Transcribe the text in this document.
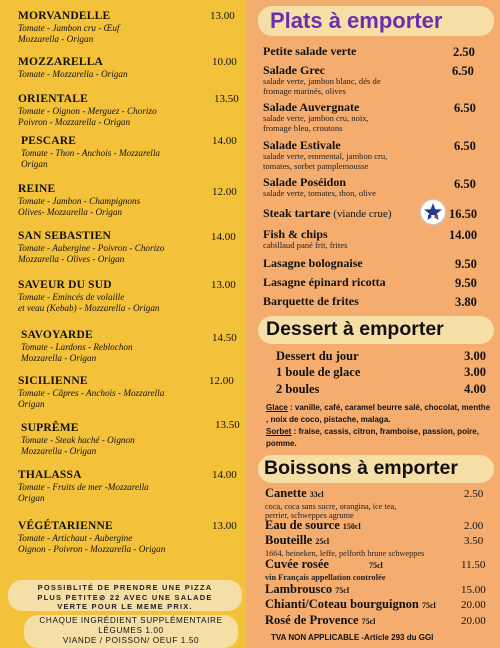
MORVANDELLE
Tomate - Jambon cru - Œuf
Mozzarella - Origan
13.00
MOZZARELLA
Tomate - Mozzarella - Origan
10.00
ORIENTALE
Tomate - Oignon - Merguez - Chorizo
Poivron - Mozzarella - Origan
13.50
PESCARE
Tomate - Thon - Anchois - Mozzarella
Origan
14.00
REINE
Tomate - Jambon - Champignons
Olives- Mozzarella - Origan
12.00
SAN SEBASTIEN
Tomate - Aubergine - Poivron - Chorizo
Mozzarella - Olives - Origan
14.00
SAVEUR DU SUD
Tomate - Emincés de volaille
et veau (Kebab) - Mozzarella - Origan
13.00
SAVOYARDE
Tomate - Lardons - Reblochon
Mozzarella - Origan
14.50
SICILIENNE
Tomate - Câpres - Anchois - Mozzarella
Origan
12.00
SUPRÊME
Tomate - Steak haché - Oignon
Mozzarella - Origan
13.50
THALASSA
Tomate - Fruits de mer -Mozzarella
Origan
14.00
VÉGÉTARIENNE
Tomate - Artichaut - Aubergine
Oignon - Poivron - Mozzarella - Origan
13.00
POSSIBLITÉ DE PRENDRE UNE PIZZA
PLUS PETITE⊘ 22 AVEC UNE SALADE
VERTE POUR LE MEME PRIX.
CHAQUE INGRÉDIENT SUPPLÉMENTAIRE
LÉGUMES 1.00
VIANDE / POISSON/ OEUF 1.50
Plats à emporter
Petite salade verte	2.50
Salade Grec
salade verte, jambon blanc, dés de
fromage marinés, olives
6.50
Salade Auvergnate
salade verte, jambon cru, noix,
fromage bleu, croutons
6.50
Salade Estivale
salade verte, emmental, jambon cru,
tomates, sorbet pamplemousse
6.50
Salade Poséidon
salade verte, tomates, thon, olive
6.50
Steak tartare (viande crue)	16.50
Fish & chips
cabillaud pané frit, frites
14.00
Lasagne bolognaise	9.50
Lasagne épinard ricotta	9.50
Barquette de frites	3.80
Dessert à emporter
Dessert du jour	3.00
1 boule de glace	3.00
2 boules	4.00
Glace : vanille, café, caramel beurre salé, chocolat, menthe , noix de coco, pistache, malaga.
Sorbet : fraise, cassis, citron, framboise, passion, poire, pomme.
Boissons à emporter
Canette 33cl
coca, coca sans sucre, orangina, ice tea,
perrier, schweppes agrume
2.50
Eau de source 150cl	2.00
Bouteille 25cl
1664, heineken, leffe, pelforth brune schweppes
3.50
Cuvée rosée	75cl
vin Français appellation controlée
11.50
Lambrousco 75cl	15.00
Chianti/Coteau bourguignon 75cl	20.00
Rosé de Provence 75cl	20.00
TVA NON APPLICABLE -Article 293 du GGI
